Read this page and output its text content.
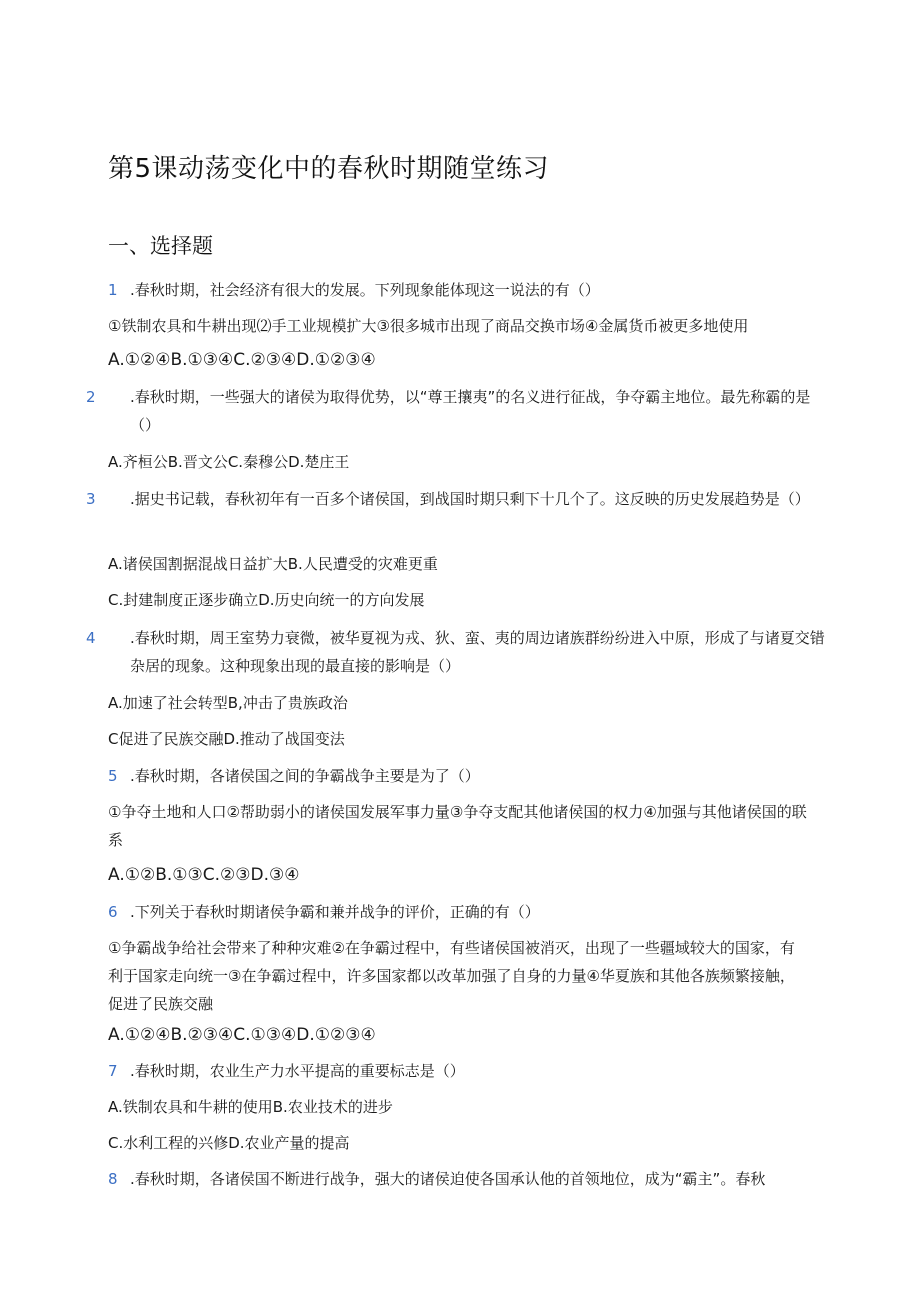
第5课动荡变化中的春秋时期随堂练习
一、选择题
1 .春秋时期，社会经济有很大的发展。下列现象能体现这一说法的有（）
①铁制农具和牛耕出现⑵手工业规模扩大③很多城市出现了商品交换市场④金属货币被更多地使用
A.①②④B.①③④C.②③④D.①②③④
2 .春秋时期，一些强大的诸侯为取得优势，以“尊王攘夷”的名义进行征战，争夺霸主地位。最先称霸的是（）
A.齐桓公B.晋文公C.秦穆公D.楚庄王
3 .据史书记载，春秋初年有一百多个诸侯国，到战国时期只剩下十几个了。这反映的历史发展趋势是（）
A.诸侯国割据混战日益扩大B.人民遭受的灾难更重
C.封建制度正逐步确立D.历史向统一的方向发展
4 .春秋时期，周王室势力衰微，被华夏视为戎、狄、蛮、夷的周边诸族群纷纷进入中原，形成了与诸夏交错杂居的现象。这种现象出现的最直接的影响是（）
A.加速了社会转型B,冲击了贵族政治
C促进了民族交融D.推动了战国变法
5 .春秋时期，各诸侯国之间的争霸战争主要是为了（）
①争夺土地和人口②帮助弱小的诸侯国发展军事力量③争夺支配其他诸侯国的权力④加强与其他诸侯国的联系
A.①②B.①③C.②③D.③④
6 .下列关于春秋时期诸侯争霸和兼并战争的评价，正确的有（）
①争霸战争给社会带来了种种灾难②在争霸过程中，有些诸侯国被消灭，出现了一些疆域较大的国家，有利于国家走向统一③在争霸过程中，许多国家都以改革加强了自身的力量④华夏族和其他各族频繁接触，促进了民族交融
A.①②④B.②③④C.①③④D.①②③④
7 .春秋时期，农业生产力水平提高的重要标志是（）
A.铁制农具和牛耕的使用B.农业技术的进步
C.水利工程的兴修D.农业产量的提高
8 .春秋时期，各诸侯国不断进行战争，强大的诸侯迫使各国承认他的首领地位，成为“霸主”。春秋
